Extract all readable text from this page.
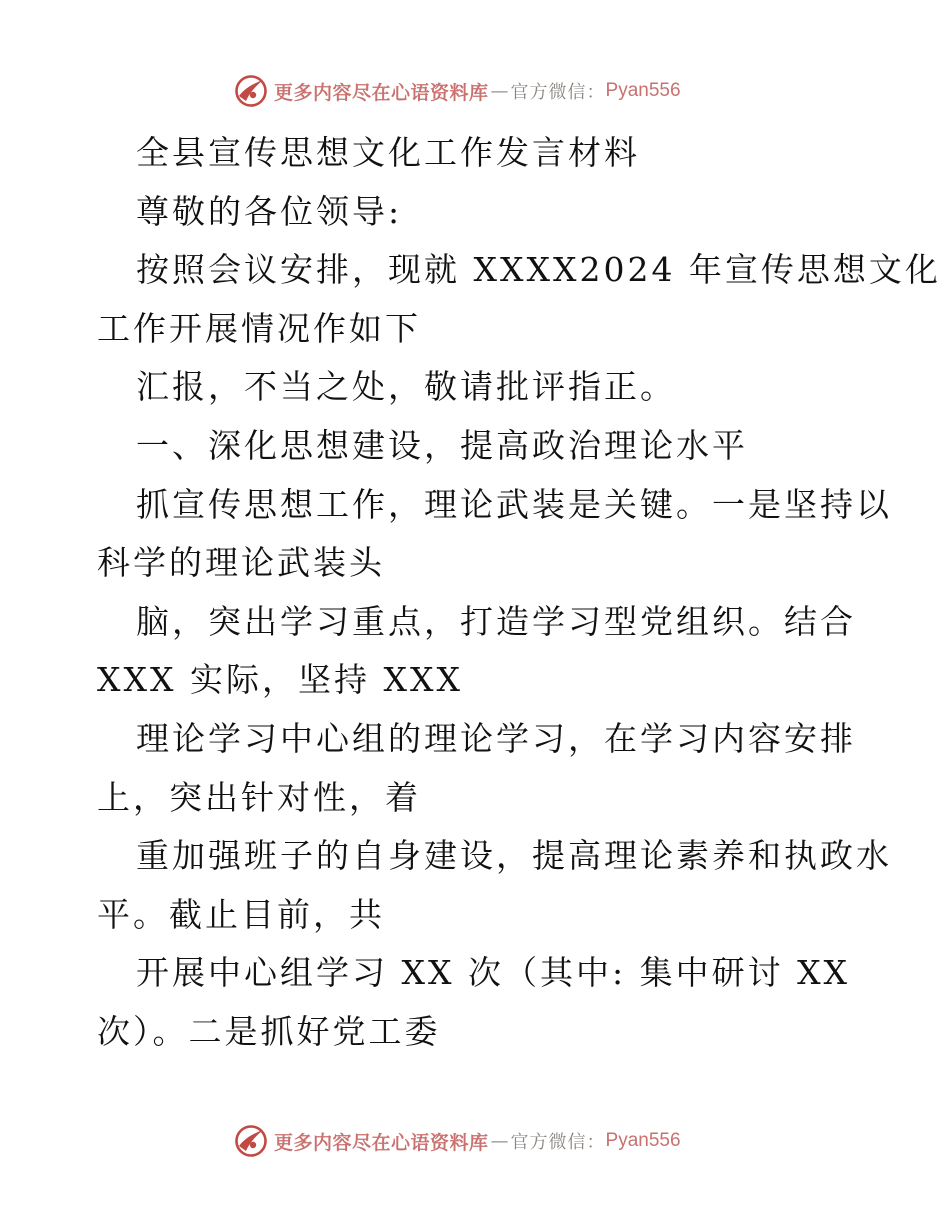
更多内容尽在心语资料库 — 官方微信： Pyan556
全县宣传思想文化工作发言材料
尊敬的各位领导:
按照会议安排，现就 XXXX2024 年宣传思想文化
工作开展情况作如下
汇报，不当之处，敬请批评指正。
一、深化思想建设，提高政治理论水平
抓宣传思想工作，理论武装是关键。一是坚持以
科学的理论武装头
脑，突出学习重点，打造学习型党组织。结合
XXX 实际，坚持 XXX
理论学习中心组的理论学习，在学习内容安排
上，突出针对性，着
重加强班子的自身建设，提高理论素养和执政水
平。截止目前，共
开展中心组学习 XX 次（其中: 集中研讨 XX
次）。二是抓好党工委
更多内容尽在心语资料库 — 官方微信： Pyan556
